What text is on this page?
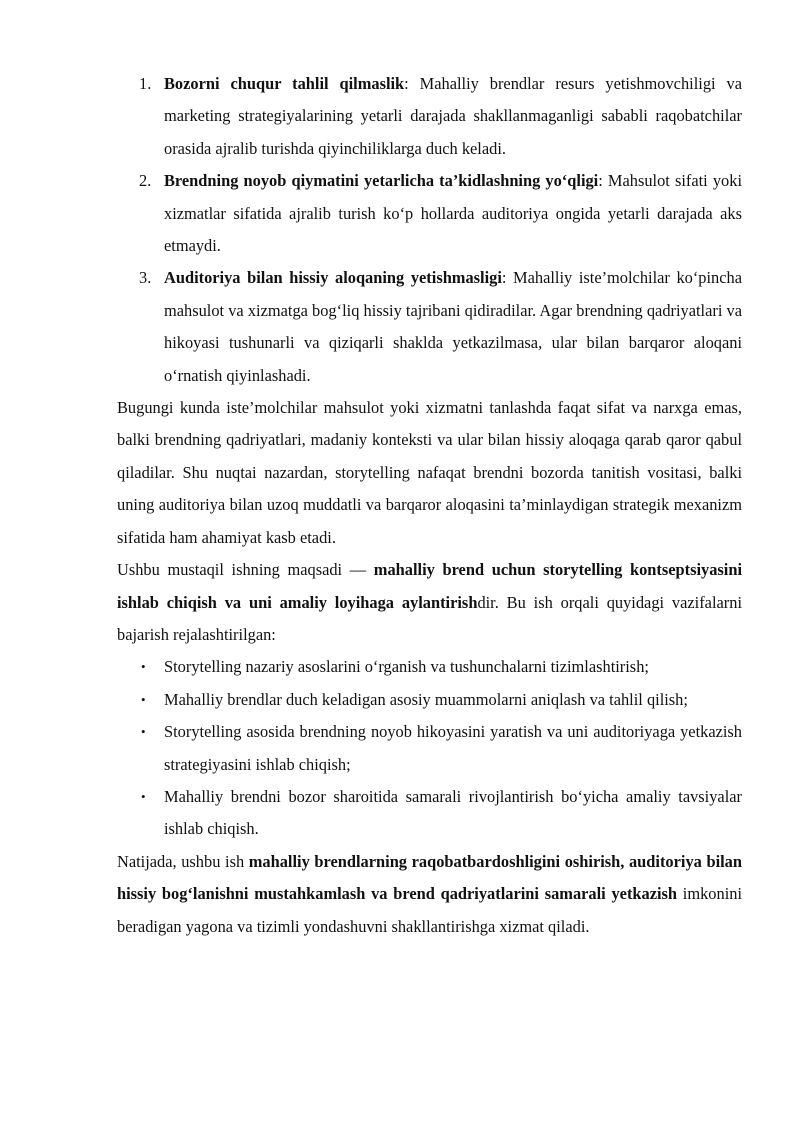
1. Bozorni chuqur tahlil qilmaslik: Mahalliy brendlar resurs yetishmovchiligi va marketing strategiyalarining yetarli darajada shakllanmaganligi sababli raqobatchilar orasida ajralib turishda qiyinchiliklarga duch keladi.
2. Brendning noyob qiymatini yetarlicha ta’kidlashning yo‘qligi: Mahsulot sifati yoki xizmatlar sifatida ajralib turish ko‘p hollarda auditoriya ongida yetarli darajada aks etmaydi.
3. Auditoriya bilan hissiy aloqaning yetishmasligi: Mahalliy iste’molchilar ko‘pincha mahsulot va xizmatga bog‘liq hissiy tajribani qidiradilar. Agar brendning qadriyatlari va hikoyasi tushunarli va qiziqarli shaklda yetkazilmasa, ular bilan barqaror aloqani o‘rnatish qiyinlashadi.

Bugungi kunda iste’molchilar mahsulot yoki xizmatni tanlashda faqat sifat va narxga emas, balki brendning qadriyatlari, madaniy konteksti va ular bilan hissiy aloqaga qarab qaror qabul qiladilar. Shu nuqtai nazardan, storytelling nafaqat brendni bozorda tanitish vositasi, balki uning auditoriya bilan uzoq muddatli va barqaror aloqasini ta’minlaydigan strategik mexanizm sifatida ham ahamiyat kasb etadi.

Ushbu mustaqil ishning maqsadi — mahalliy brend uchun storytelling kontseptsiyasini ishlab chiqish va uni amaliy loyihaga aylantirishdir. Bu ish orqali quyidagi vazifalarni bajarish rejalashtirilgan:

• Storytelling nazariy asoslarini o‘rganish va tushunchalarni tizimlashtirish;
• Mahalliy brendlar duch keladigan asosiy muammolarni aniqlash va tahlil qilish;
• Storytelling asosida brendning noyob hikoyasini yaratish va uni auditoriyaga yetkazish strategiyasini ishlab chiqish;
• Mahalliy brendni bozor sharoitida samarali rivojlantirish bo‘yicha amaliy tavsiyalar ishlab chiqish.

Natijada, ushbu ish mahalliy brendlarning raqobatbardoshligini oshirish, auditoriya bilan hissiy bog‘lanishni mustahkamlash va brend qadriyatlarini samarali yetkazish imkonini beradigan yagona va tizimli yondashuvni shakllantirishga xizmat qiladi.
